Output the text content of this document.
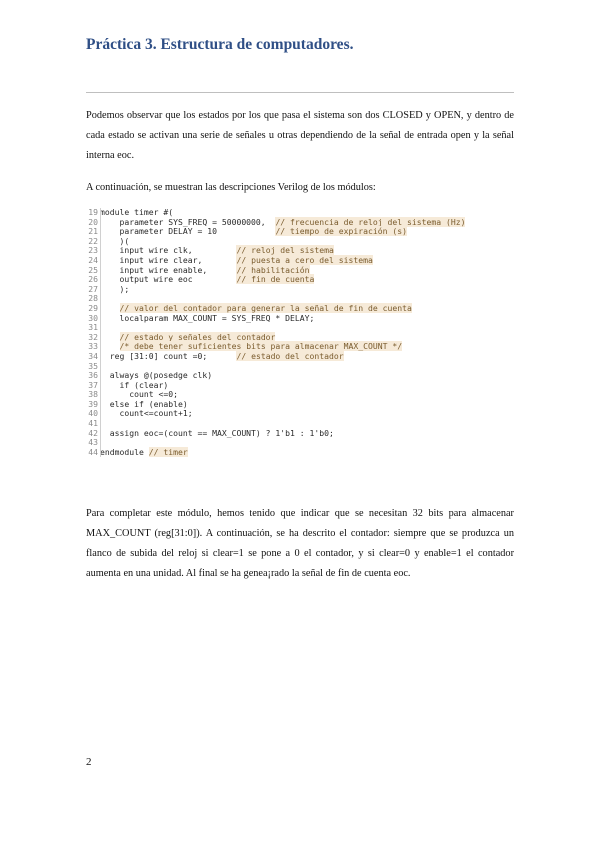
Práctica 3. Estructura de computadores.
Podemos observar que los estados por los que pasa el sistema son dos CLOSED y OPEN, y dentro de cada estado se activan una serie de señales u otras dependiendo de la señal de entrada open y la señal interna eoc.
A continuación, se muestran las descripciones Verilog de los módulos:
19 module timer #(
20    parameter SYS_FREQ = 50000000,  // frecuencia de reloj del sistema (Hz)
21    parameter DELAY = 10            // tiempo de expiración (s)
22    )(
23    input wire clk,         // reloj del sistema
24    input wire clear,       // puesta a cero del sistema
25    input wire enable,      // habilitación
26    output wire eoc         // fin de cuenta
27    );
28
29	// valor del contador para generar la señal de fin de cuenta
30    localparam MAX_COUNT = SYS_FREQ * DELAY;
31
32	// estado y señales del contador
33	/* debe tener suficientes bits para almacenar MAX_COUNT */
34  reg [31:0] count =0;      // estado del contador
35
36  always @(posedge clk)
37    if (clear)
38      count <=0;
39  else if (enable)
40    count<=count+1;
41
42  assign eoc=(count == MAX_COUNT) ? 1'b1 : 1'b0;
43
44 endmodule // timer
Para completar este módulo, hemos tenido que indicar que se necesitan 32 bits para almacenar MAX_COUNT (reg[31:0]). A continuación, se ha descrito el contador: siempre que se produzca un flanco de subida del reloj si clear=1 se pone a 0 el contador, y si clear=0 y enable=1 el contador aumenta en una unidad. Al final se ha genea¡rado la señal de fin de cuenta eoc.
2
